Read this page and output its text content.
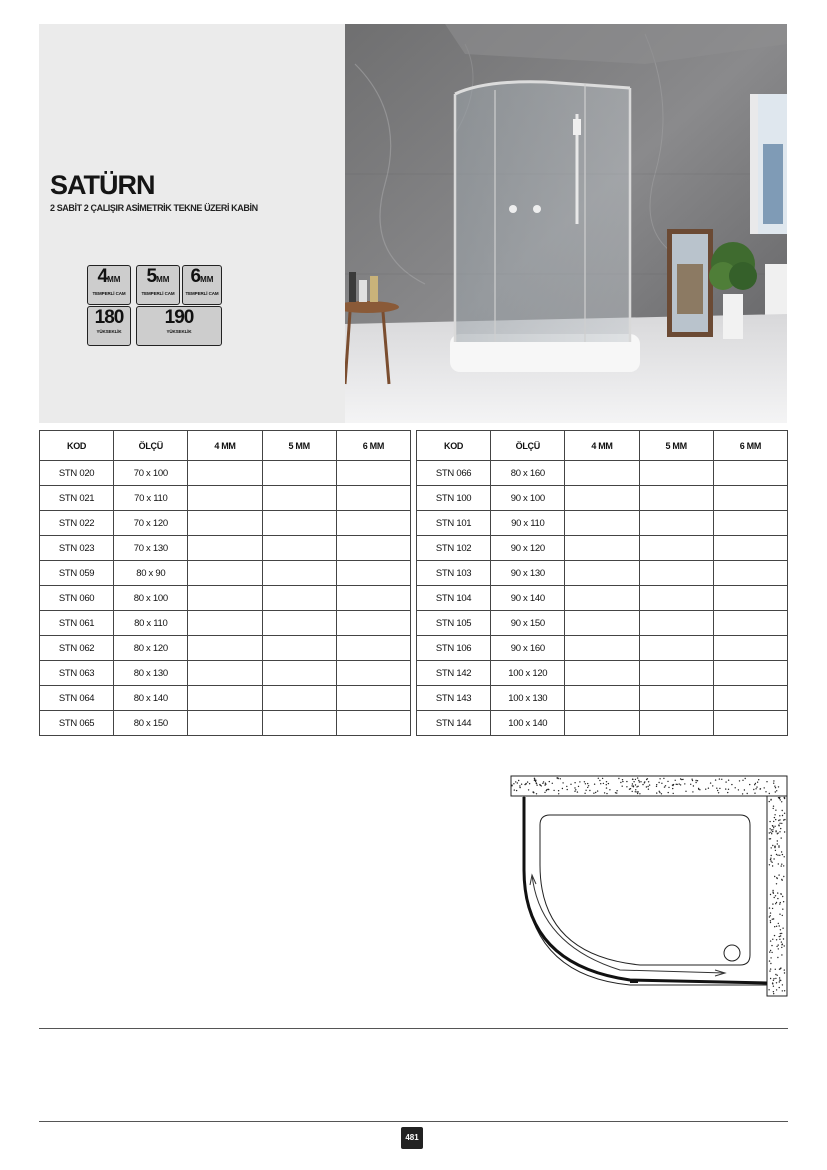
SATÜRN
2 SABİT 2 ÇALIŞIR ASİMETRİK TEKNE ÜZERİ KABİN
4MM
TEMPERLİ CAM
5MM
TEMPERLİ CAM
6MM
TEMPERLİ CAM
180
YÜKSEKLİK
190
YÜKSEKLİK
KOD	ÖLÇÜ	4 MM	5 MM	6 MM
STN 020	70 x 100			
STN 021	70 x 110			
STN 022	70 x 120			
STN 023	70 x 130			
STN 059	80 x 90			
STN 060	80 x 100			
STN 061	80 x 110			
STN 062	80 x 120			
STN 063	80 x 130			
STN 064	80 x 140			
STN 065	80 x 150			
KOD	ÖLÇÜ	4 MM	5 MM	6 MM
STN 066	80 x 160			
STN 100	90 x 100			
STN 101	90 x 110			
STN 102	90 x 120			
STN 103	90 x 130			
STN 104	90 x 140			
STN 105	90 x 150			
STN 106	90 x 160			
STN 142	100 x 120			
STN 143	100 x 130			
STN 144	100 x 140			
481
